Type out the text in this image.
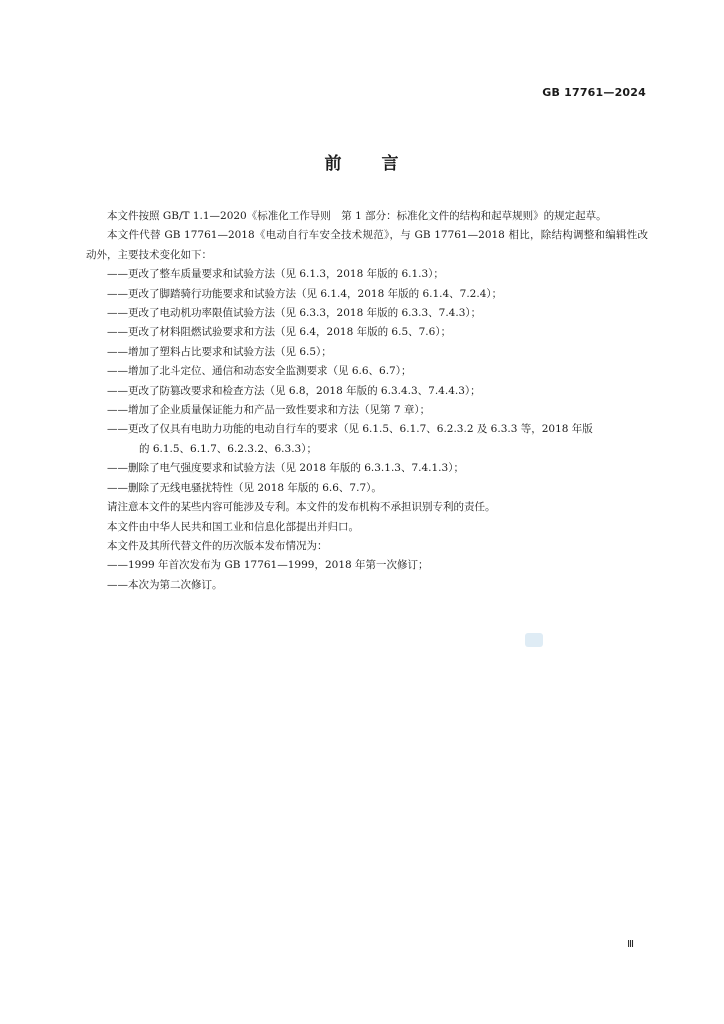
GB 17761—2024
前 言

本文件按照 GB/T 1.1—2020《标准化工作导则　第 1 部分：标准化文件的结构和起草规则》的规定起草。

本文件代替 GB 17761—2018《电动自行车安全技术规范》，与 GB 17761—2018 相比，除结构调整和编辑性改动外，主要技术变化如下：

——更改了整车质量要求和试验方法（见 6.1.3，2018 年版的 6.1.3）；

——更改了脚踏骑行功能要求和试验方法（见 6.1.4，2018 年版的 6.1.4、7.2.4）；

——更改了电动机功率限值试验方法（见 6.3.3，2018 年版的 6.3.3、7.4.3）；

——更改了材料阻燃试验要求和方法（见 6.4，2018 年版的 6.5、7.6）；

——增加了塑料占比要求和试验方法（见 6.5）；

——增加了北斗定位、通信和动态安全监测要求（见 6.6、6.7）；

——更改了防篡改要求和检查方法（见 6.8，2018 年版的 6.3.4.3、7.4.4.3）；

——增加了企业质量保证能力和产品一致性要求和方法（见第 7 章）；

——更改了仅具有电助力功能的电动自行车的要求（见 6.1.5、6.1.7、6.2.3.2 及 6.3.3 等，2018 年版

的 6.1.5、6.1.7、6.2.3.2、6.3.3）；

——删除了电气强度要求和试验方法（见 2018 年版的 6.3.1.3、7.4.1.3）；

——删除了无线电骚扰特性（见 2018 年版的 6.6、7.7）。

请注意本文件的某些内容可能涉及专利。本文件的发布机构不承担识别专利的责任。

本文件由中华人民共和国工业和信息化部提出并归口。

本文件及其所代替文件的历次版本发布情况为：

——1999 年首次发布为 GB 17761—1999，2018 年第一次修订；

——本次为第二次修订。

Ⅲ
